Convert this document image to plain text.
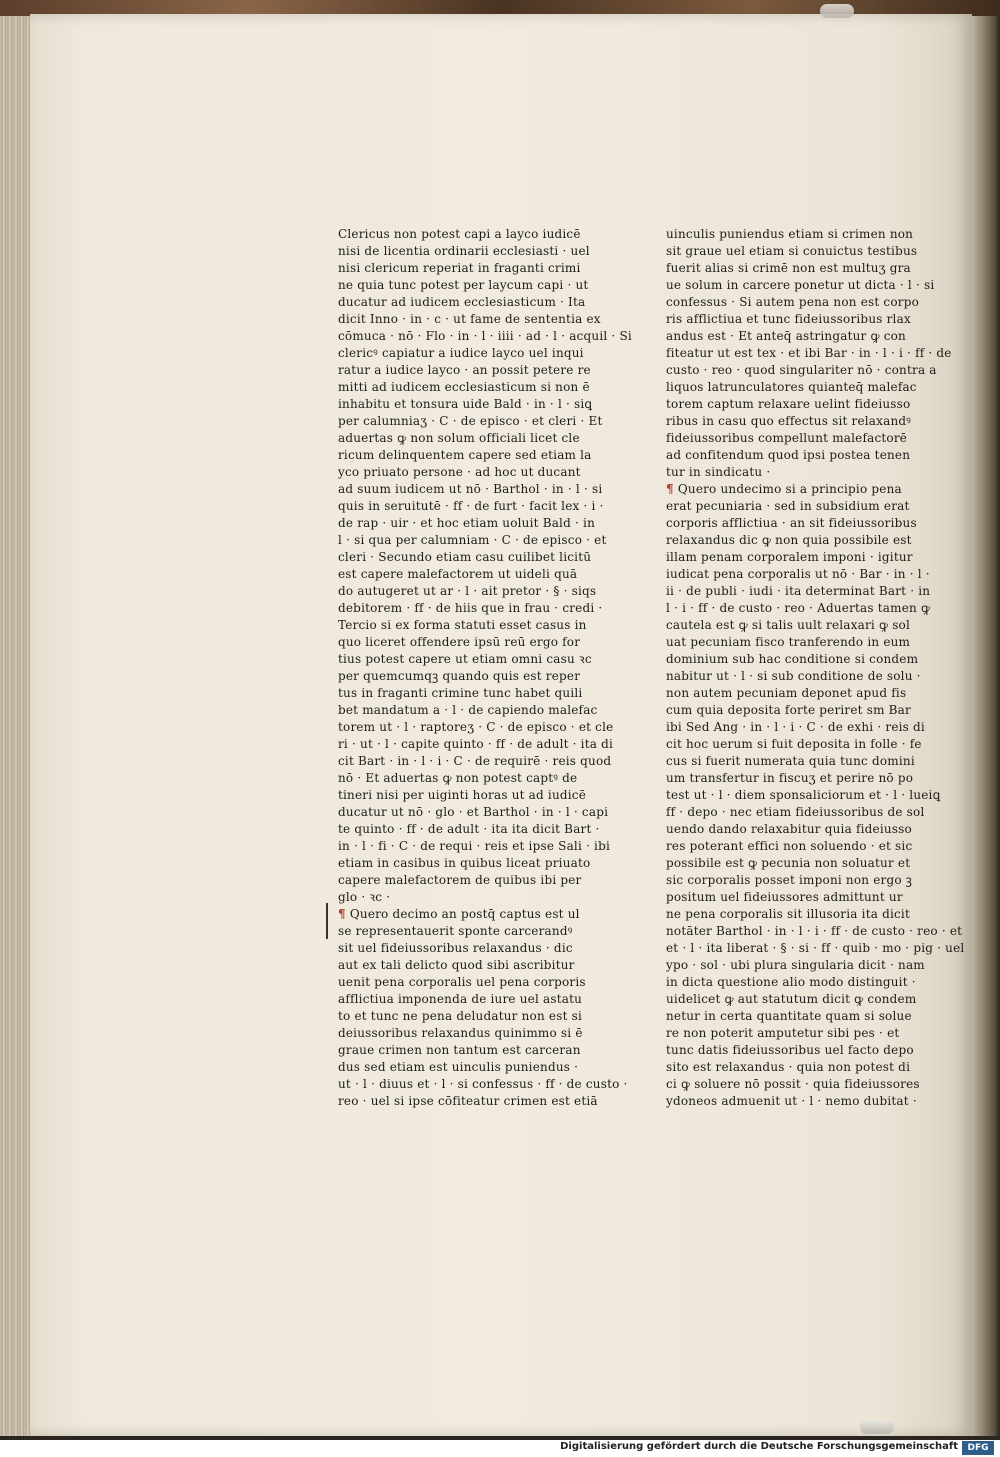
Clericus non potest capi a layco iudicē
nisi de licentia ordinarii ecclesiasti · uel
nisi clericum reperiat in fraganti crimi
ne quia tunc potest per laycum capi · ut
ducatur ad iudicem ecclesiasticum · Ita
dicit Inno · in · c · ut fame de sententia ex
cōmuca · nō · Flo · in · l · iiii · ad · l · acquil · Si
clericꝰ capiatur a iudice layco uel inqui
ratur a iudice layco · an possit petere re
mitti ad iudicem ecclesiasticum si non ē
inhabitu et tonsura uide Bald · in · l · siꝗ
per calumniaʒ · C · de episco · et cleri · Et
aduertas ꝙ non solum officiali licet cle
ricum delinquentem capere sed etiam la
yco priuato persone · ad hoc ut ducant
ad suum iudicem ut nō · Barthol · in · l · si
quis in seruitutē · ff · de furt · facit lex · i ·
de rap · uir · et hoc etiam uoluit Bald · in
l · si qua per calumniam · C · de episco · et
cleri · Secundo etiam casu cuilibet licitū
est capere malefactorem ut uideli quā
do autugeret ut ar · l · ait pretor · § · siqs
debitorem · ff · de hiis que in frau · credi ·
Tercio si ex forma statuti esset casus in
quo liceret offendere ipsū reū ergo for
tius potest capere ut etiam omni casu ꝛc
per quemcumqꝫ quando quis est reper
tus in fraganti crimine tunc habet quili
bet mandatum a · l · de capiendo malefac
torem ut · l · raptoreʒ · C · de episco · et cle
ri · ut · l · capite quinto · ff · de adult · ita di
cit Bart · in · l · i · C · de requirē · reis quod
nō · Et aduertas ꝙ non potest captꝰ de
tineri nisi per uiginti horas ut ad iudicē
ducatur ut nō · glo · et Barthol · in · l · capi
te quinto · ff · de adult · ita ita dicit Bart ·
in · l · fi · C · de requi · reis et ipse Sali · ibi
etiam in casibus in quibus liceat priuato
capere malefactorem de quibus ibi per
glo · ꝛc ·
¶ Quero decimo an postq̄ captus est ul
se representauerit sponte carcerandꝰ
sit uel fideiussoribus relaxandus · dic
aut ex tali delicto quod sibi ascribitur
uenit pena corporalis uel pena corporis
afflictiua imponenda de iure uel astatu
to et tunc ne pena deludatur non est si
deiussoribus relaxandus quinimmo si ē
graue crimen non tantum est carceran
dus sed etiam est uinculis puniendus ·
ut · l · diuus et · l · si confessus · ff · de custo ·
reo · uel si ipse cōfiteatur crimen est etiā
uinculis puniendus etiam si crimen non
sit graue uel etiam si conuictus testibus
fuerit alias si crimē non est multuʒ gra
ue solum in carcere ponetur ut dicta · l · si
confessus · Si autem pena non est corpo
ris afflictiua et tunc fideiussoribus rlax
andus est · Et anteq̄ astringatur ꝙ con
fiteatur ut est tex · et ibi Bar · in · l · i · ff · de
custo · reo · quod singulariter nō · contra a
liquos latrunculatores quianteq̄ malefac
torem captum relaxare uelint fideiusso
ribus in casu quo effectus sit relaxandꝰ
fideiussoribus compellunt malefactorē
ad confitendum quod ipsi postea tenen
tur in sindicatu ·
¶ Quero undecimo si a principio pena
erat pecuniaria · sed in subsidium erat
corporis afflictiua · an sit fideiussoribus
relaxandus dic ꝙ non quia possibile est
illam penam corporalem imponi · igitur
iudicat pena corporalis ut nō · Bar · in · l ·
ii · de publi · iudi · ita determinat Bart · in
l · i · ff · de custo · reo · Aduertas tamen ꝙ
cautela est ꝙ si talis uult relaxari ꝙ sol
uat pecuniam fisco tranferendo in eum
dominium sub hac conditione si condem
nabitur ut · l · si sub conditione de solu ·
non autem pecuniam deponet apud fis
cum quia deposita forte periret sm Bar
ibi Sed Ang · in · l · i · C · de exhi · reis di
cit hoc uerum si fuit deposita in folle · fe
cus si fuerit numerata quia tunc domini
um transfertur in fiscuʒ et perire nō po
test ut · l · diem sponsaliciorum et · l · lueiꝗ
ff · depo · nec etiam fideiussoribus de sol
uendo dando relaxabitur quia fideiusso
res poterant effici non soluendo · et sic
possibile est ꝙ pecunia non soluatur et
sic corporalis posset imponi non ergo ꝫ
positum uel fideiussores admittunt ur
ne pena corporalis sit illusoria ita dicit
notāter Barthol · in · l · i · ff · de custo · reo · et
et · l · ita liberat · § · si · ff · quib · mo · pig · uel
ypo · sol · ubi plura singularia dicit · nam
in dicta questione alio modo distinguit ·
uidelicet ꝙ aut statutum dicit ꝙ condem
netur in certa quantitate quam si solue
re non poterit amputetur sibi pes · et
tunc datis fideiussoribus uel facto depo
sito est relaxandus · quia non potest di
ci ꝙ soluere nō possit · quia fideiussores
ydoneos admuenit ut · l · nemo dubitat ·
Digitalisierung gefördert durch die Deutsche Forschungsgemeinschaft	DFG
